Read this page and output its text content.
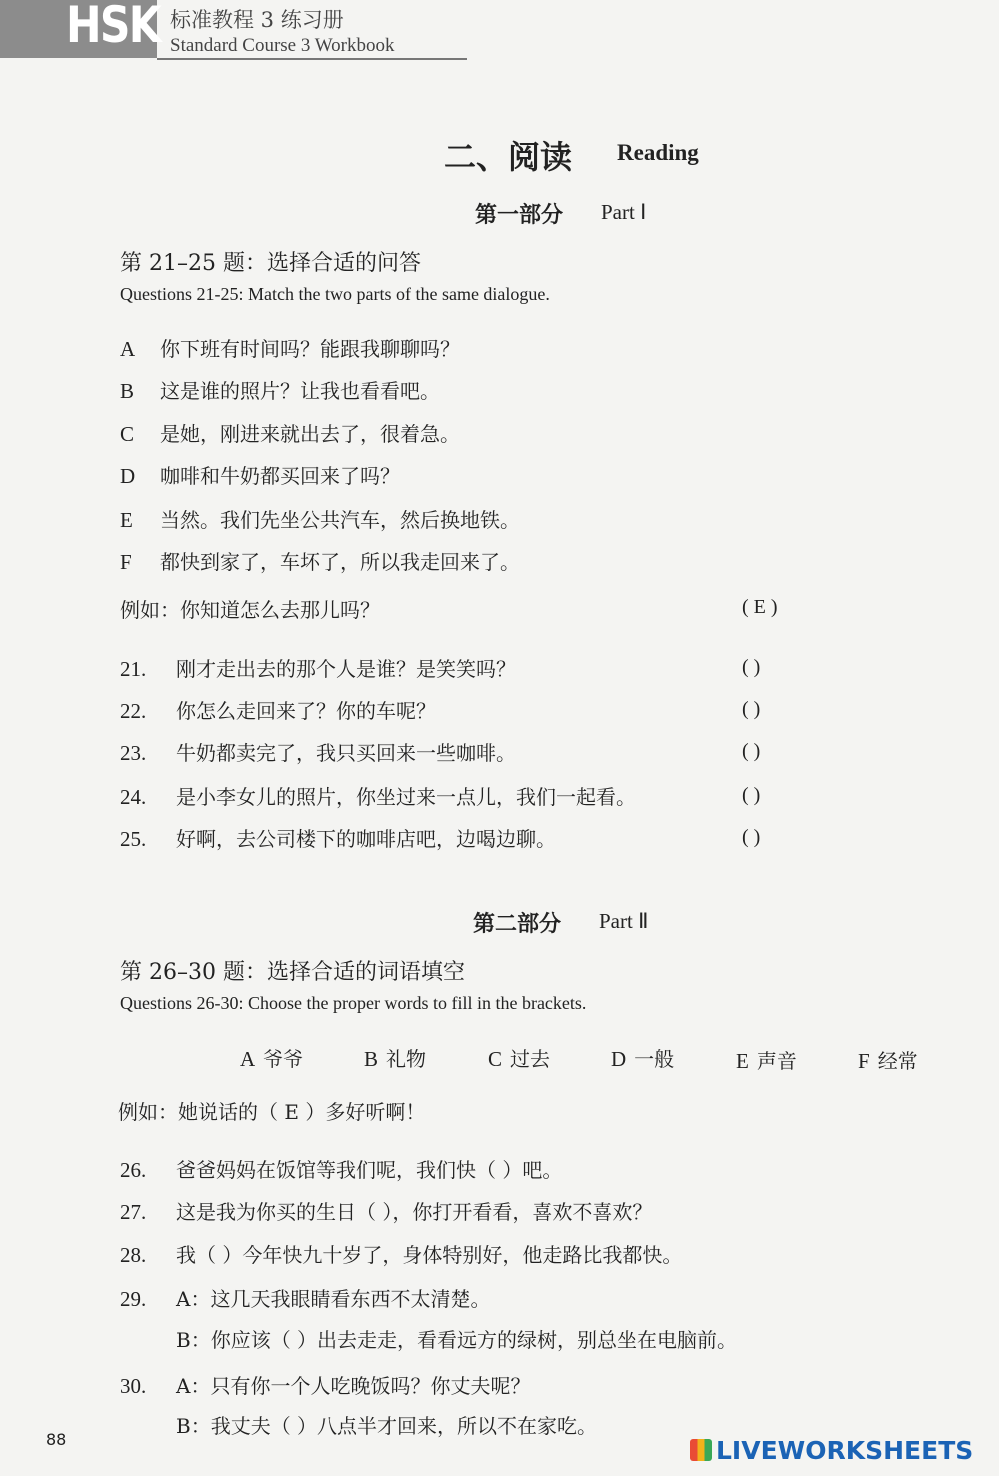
HSK 标准教程 3 练习册
Standard Course 3 Workbook
二、阅读 Reading
第一部分 Part Ⅰ
第 21–25 题：选择合适的问答
Questions 21-25: Match the two parts of the same dialogue.
A 你下班有时间吗？能跟我聊聊吗？
B 这是谁的照片？让我也看看吧。
C 是她，刚进来就出去了，很着急。
D 咖啡和牛奶都买回来了吗？
E 当然。我们先坐公共汽车，然后换地铁。
F 都快到家了，车坏了，所以我走回来了。
例如：你知道怎么去那儿吗？	( E )
21. 刚才走出去的那个人是谁？是笑笑吗？	( )
22. 你怎么走回来了？你的车呢？	( )
23. 牛奶都卖完了，我只买回来一些咖啡。	( )
24. 是小李女儿的照片，你坐过来一点儿，我们一起看。	( )
25. 好啊，去公司楼下的咖啡店吧，边喝边聊。	( )
第二部分 Part Ⅱ
第 26–30 题：选择合适的词语填空
Questions 26-30: Choose the proper words to fill in the brackets.
A 爷爷	B 礼物	C 过去	D 一般	E 声音	F 经常
例如：她说话的（ E ）多好听啊！
26. 爸爸妈妈在饭馆等我们呢，我们快（ ）吧。
27. 这是我为你买的生日（ ），你打开看看，喜欢不喜欢？
28. 我（ ）今年快九十岁了，身体特别好，他走路比我都快。
29. A：这几天我眼睛看东西不太清楚。
B：你应该（ ）出去走走，看看远方的绿树，别总坐在电脑前。
30. A：只有你一个人吃晚饭吗？你丈夫呢？
B：我丈夫（ ）八点半才回来，所以不在家吃。
88	LIVEWORKSHEETS
